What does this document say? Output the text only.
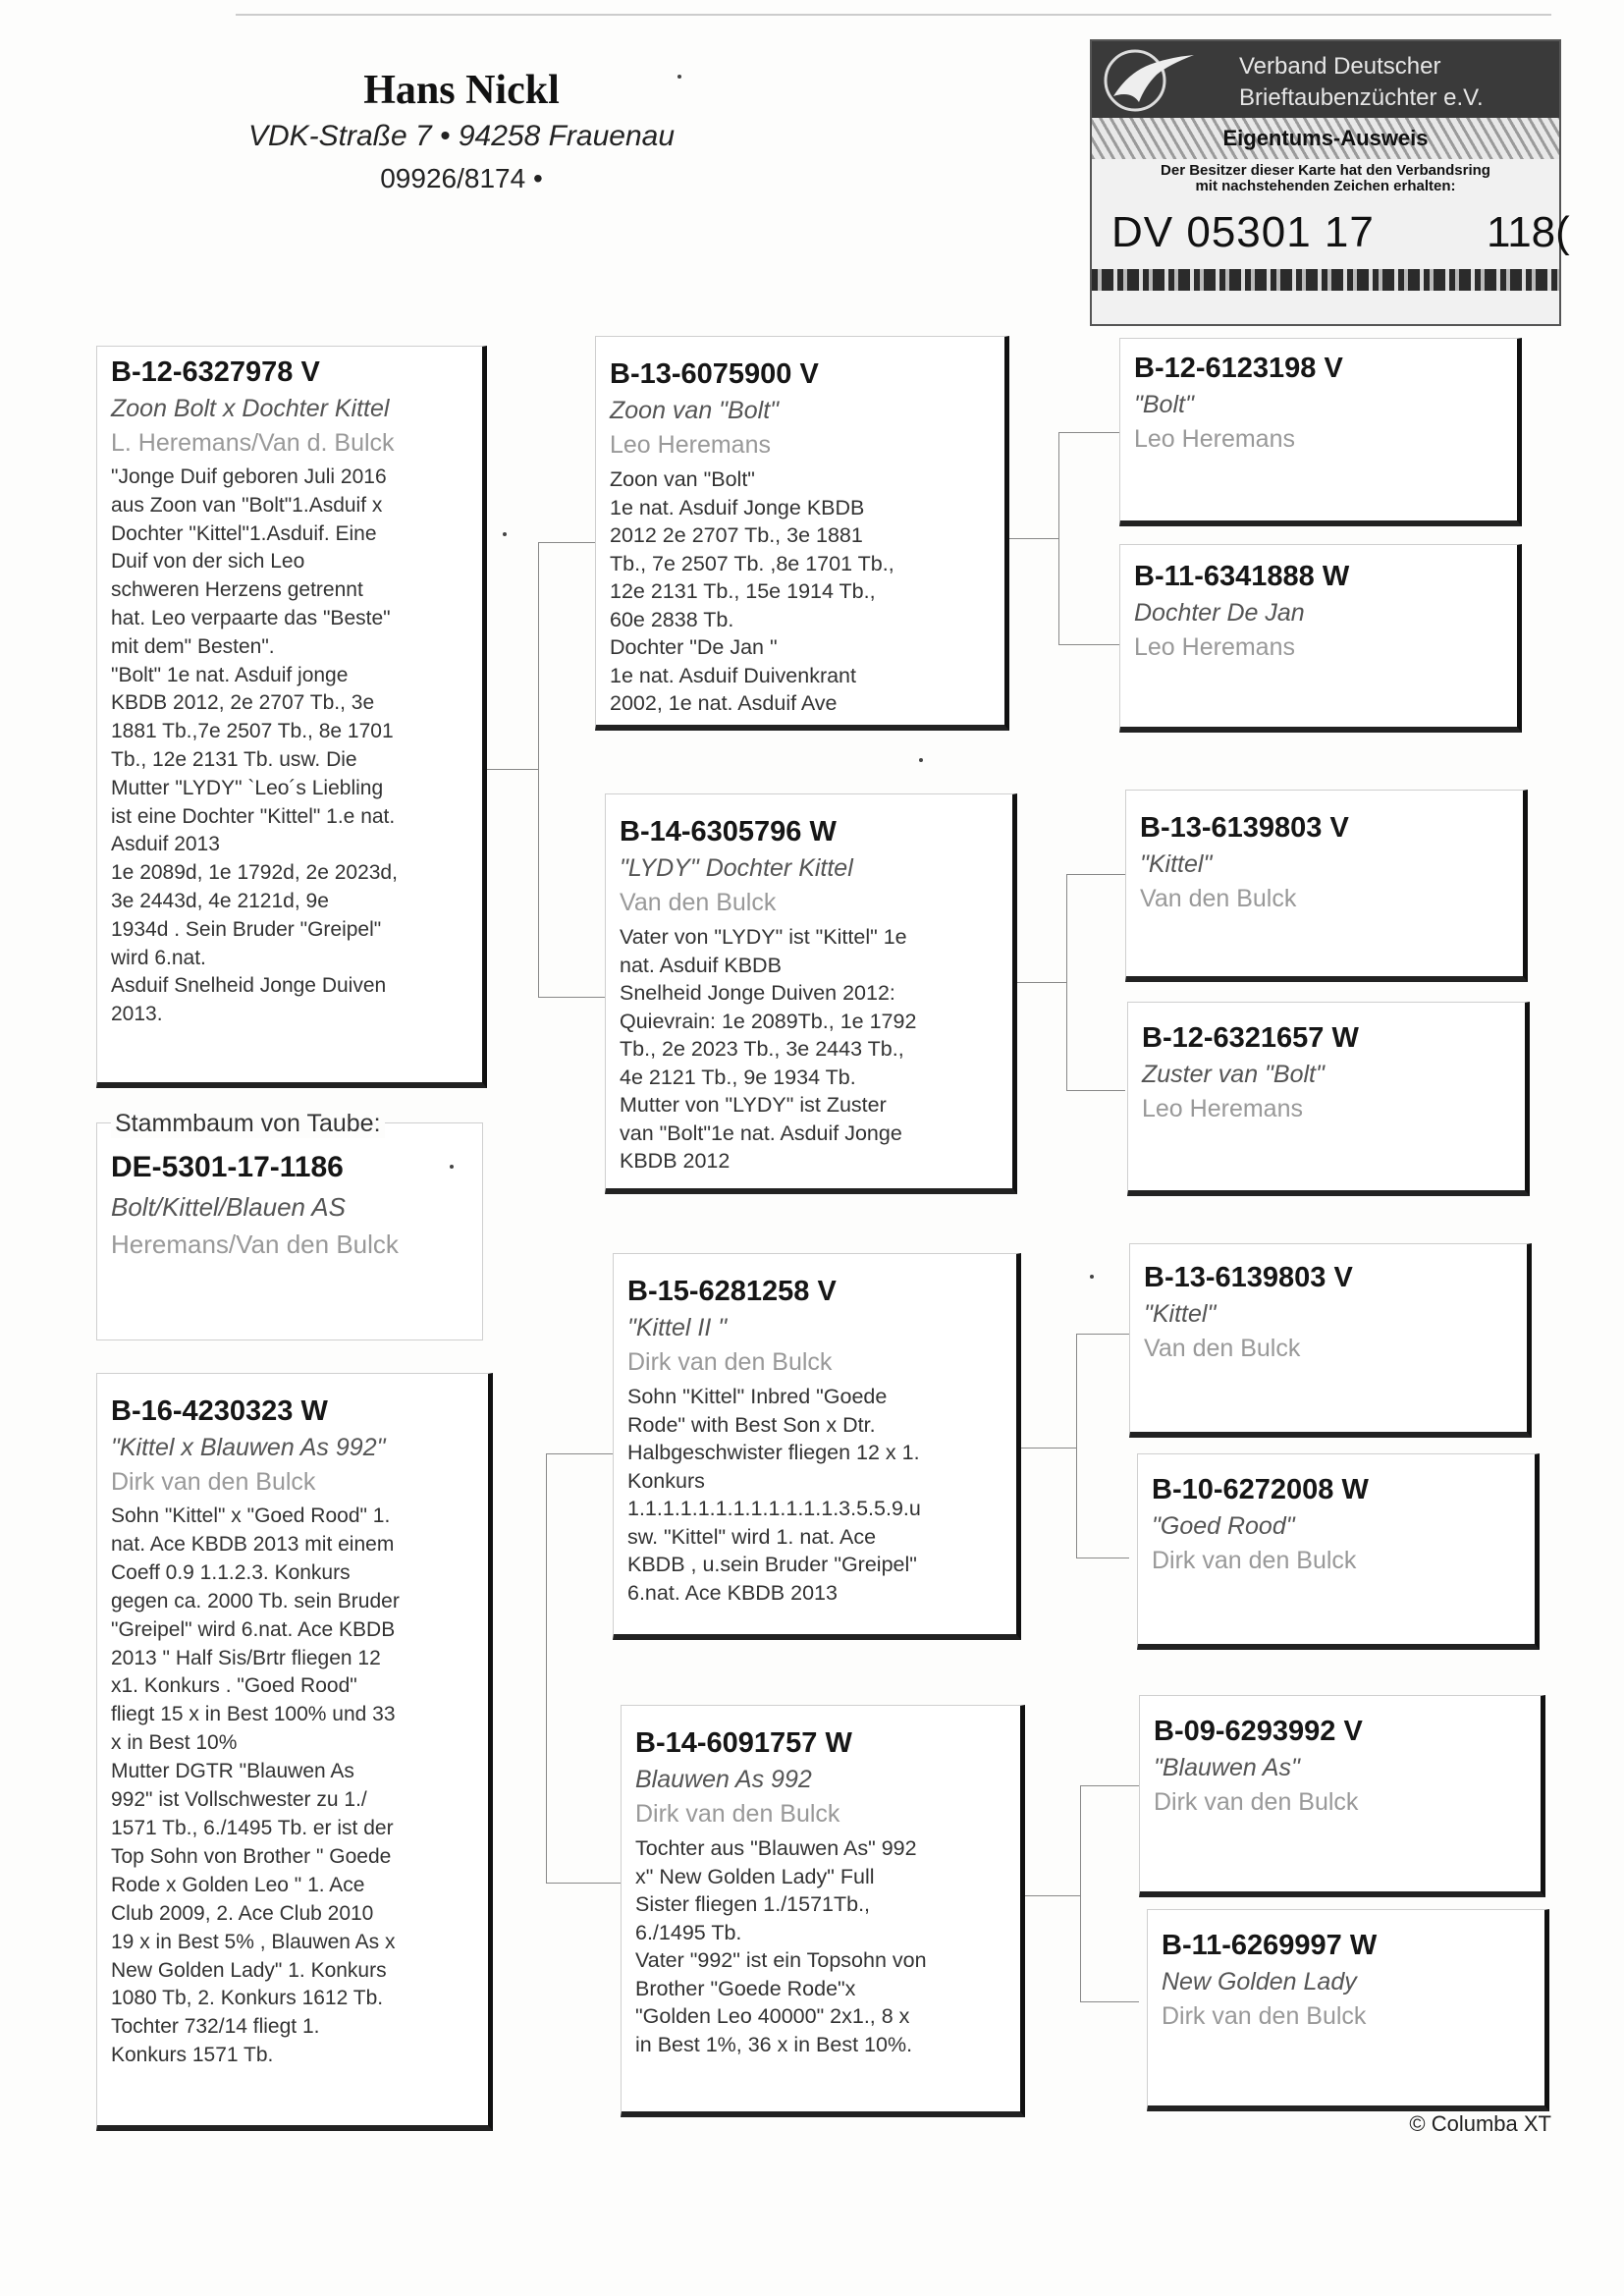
Hans Nickl
VDK-Straße 7 • 94258 Frauenau
09926/8174 •
Verband Deutscher
Brieftaubenzüchter e.V.
Eigentums-Ausweis
Der Besitzer dieser Karte hat den Verbandsring
mit nachstehenden Zeichen erhalten:
DV 05301 17	118(
B-12-6327978 V
Zoon Bolt x Dochter Kittel
L. Heremans/Van d. Bulck
"Jonge Duif geboren Juli 2016
aus Zoon van "Bolt"1.Asduif x
Dochter "Kittel"1.Asduif. Eine
Duif von der sich Leo
schweren Herzens getrennt
hat. Leo verpaarte das "Beste"
mit dem" Besten".
"Bolt" 1e nat. Asduif jonge
KBDB 2012, 2e 2707 Tb., 3e
1881 Tb.,7e 2507 Tb., 8e 1701
Tb., 12e 2131 Tb. usw. Die
Mutter "LYDY" `Leo´s Liebling
ist eine Dochter "Kittel" 1.e nat.
Asduif 2013
1e 2089d, 1e 1792d, 2e 2023d,
3e 2443d, 4e 2121d, 9e
1934d . Sein Bruder "Greipel"
wird 6.nat.
Asduif Snelheid Jonge Duiven
2013.
Stammbaum von Taube:
DE-5301-17-1186
Bolt/Kittel/Blauen AS
Heremans/Van den Bulck
B-16-4230323 W
"Kittel x Blauwen As 992"
Dirk van den Bulck
Sohn "Kittel" x "Goed Rood" 1.
nat. Ace KBDB 2013 mit einem
Coeff 0.9 1.1.2.3. Konkurs
gegen ca. 2000 Tb. sein Bruder
"Greipel" wird 6.nat. Ace KBDB
2013 " Half Sis/Brtr fliegen 12
x1. Konkurs . "Goed Rood"
fliegt 15 x in Best 100% und 33
x in Best 10%
Mutter DGTR "Blauwen As
992" ist Vollschwester zu 1./
1571 Tb., 6./1495 Tb. er ist der
Top Sohn von Brother " Goede
Rode x Golden Leo " 1. Ace
Club 2009, 2. Ace Club 2010
19 x in Best 5% , Blauwen As x
New Golden Lady" 1. Konkurs
1080 Tb, 2. Konkurs 1612 Tb.
Tochter 732/14 fliegt 1.
Konkurs 1571 Tb.
B-13-6075900 V
Zoon van "Bolt"
Leo Heremans
Zoon van "Bolt"
1e nat. Asduif Jonge KBDB
2012 2e 2707 Tb., 3e 1881
Tb., 7e 2507 Tb. ,8e 1701 Tb.,
12e 2131 Tb., 15e 1914 Tb.,
60e 2838 Tb.
Dochter "De Jan "
1e nat. Asduif Duivenkrant
2002, 1e nat. Asduif Ave
B-14-6305796 W
"LYDY" Dochter Kittel
Van den Bulck
Vater von "LYDY" ist "Kittel" 1e
nat. Asduif KBDB
Snelheid Jonge Duiven 2012:
Quievrain: 1e 2089Tb., 1e 1792
Tb., 2e 2023 Tb., 3e 2443 Tb.,
4e 2121 Tb., 9e 1934 Tb.
Mutter von "LYDY" ist Zuster
van "Bolt"1e nat. Asduif Jonge
KBDB 2012
B-15-6281258 V
"Kittel II "
Dirk van den Bulck
Sohn "Kittel" Inbred "Goede
Rode" with Best Son x Dtr.
Halbgeschwister fliegen 12 x 1.
Konkurs
1.1.1.1.1.1.1.1.1.1.1.1.3.5.5.9.u
sw. "Kittel" wird 1. nat. Ace
KBDB , u.sein Bruder "Greipel"
6.nat. Ace KBDB 2013
B-14-6091757 W
Blauwen As 992
Dirk van den Bulck
Tochter aus "Blauwen As" 992
x" New Golden Lady" Full
Sister fliegen 1./1571Tb.,
6./1495 Tb.
Vater "992" ist ein Topsohn von
Brother "Goede Rode"x
"Golden Leo 40000" 2x1., 8 x
in Best 1%, 36 x in Best 10%.
B-12-6123198 V
"Bolt"
Leo Heremans
B-11-6341888 W
Dochter De Jan
Leo Heremans
B-13-6139803 V
"Kittel"
Van den Bulck
B-12-6321657 W
Zuster van "Bolt"
Leo Heremans
B-13-6139803 V
"Kittel"
Van den Bulck
B-10-6272008 W
"Goed Rood"
Dirk van den Bulck
B-09-6293992 V
"Blauwen As"
Dirk van den Bulck
B-11-6269997 W
New Golden Lady
Dirk van den Bulck
© Columba XT
